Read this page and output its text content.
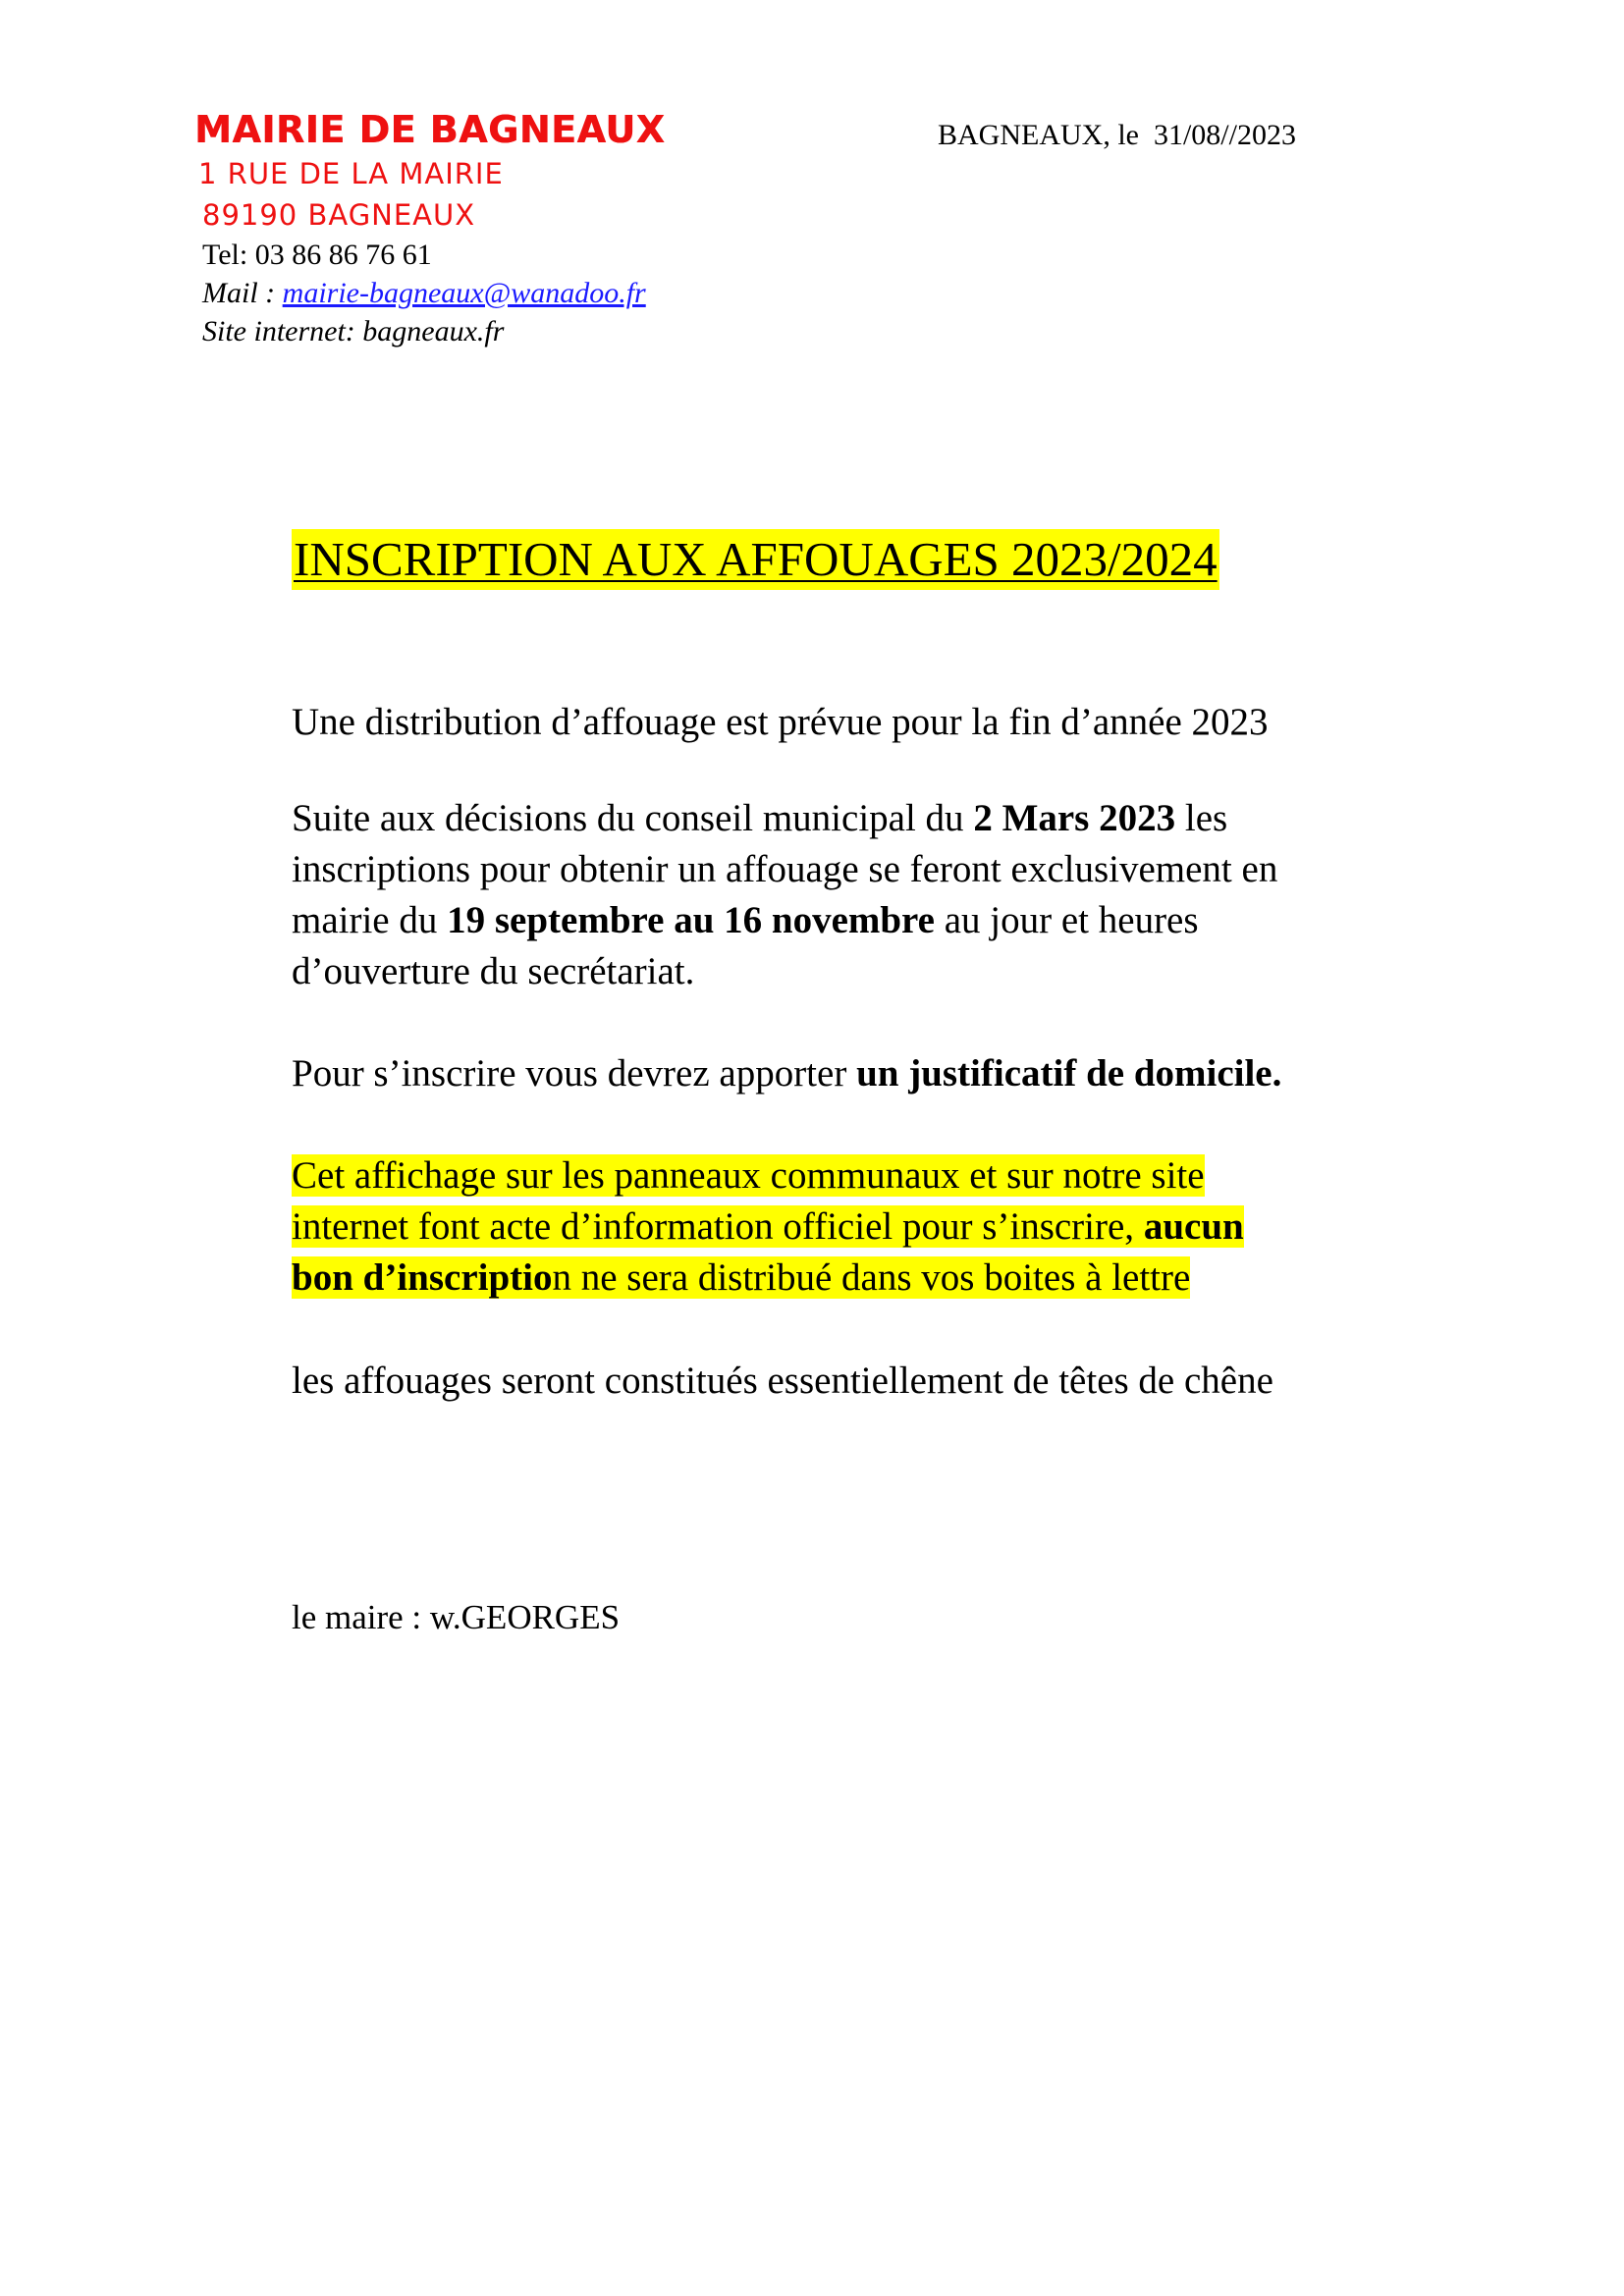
MAIRIE DE BAGNEAUX
1 RUE DE LA MAIRIE
89190 BAGNEAUX
Tel: 03 86 86 76 61
Mail : mairie-bagneaux@wanadoo.fr
Site internet: bagneaux.fr
BAGNEAUX, le  31/08//2023
INSCRIPTION AUX AFFOUAGES 2023/2024

Une distribution d’affouage est prévue pour la fin d’année 2023

Suite aux décisions du conseil municipal du 2 Mars 2023 les
inscriptions pour obtenir un affouage se feront exclusivement en
mairie du 19 septembre au 16 novembre au jour et heures
d’ouverture du secrétariat.

Pour s’inscrire vous devrez apporter un justificatif de domicile.

Cet affichage sur les panneaux communaux et sur notre site
internet font acte d’information officiel pour s’inscrire, aucun
bon d’inscription ne sera distribué dans vos boites à lettre

les affouages seront constitués essentiellement de têtes de chêne

le maire : w.GEORGES
